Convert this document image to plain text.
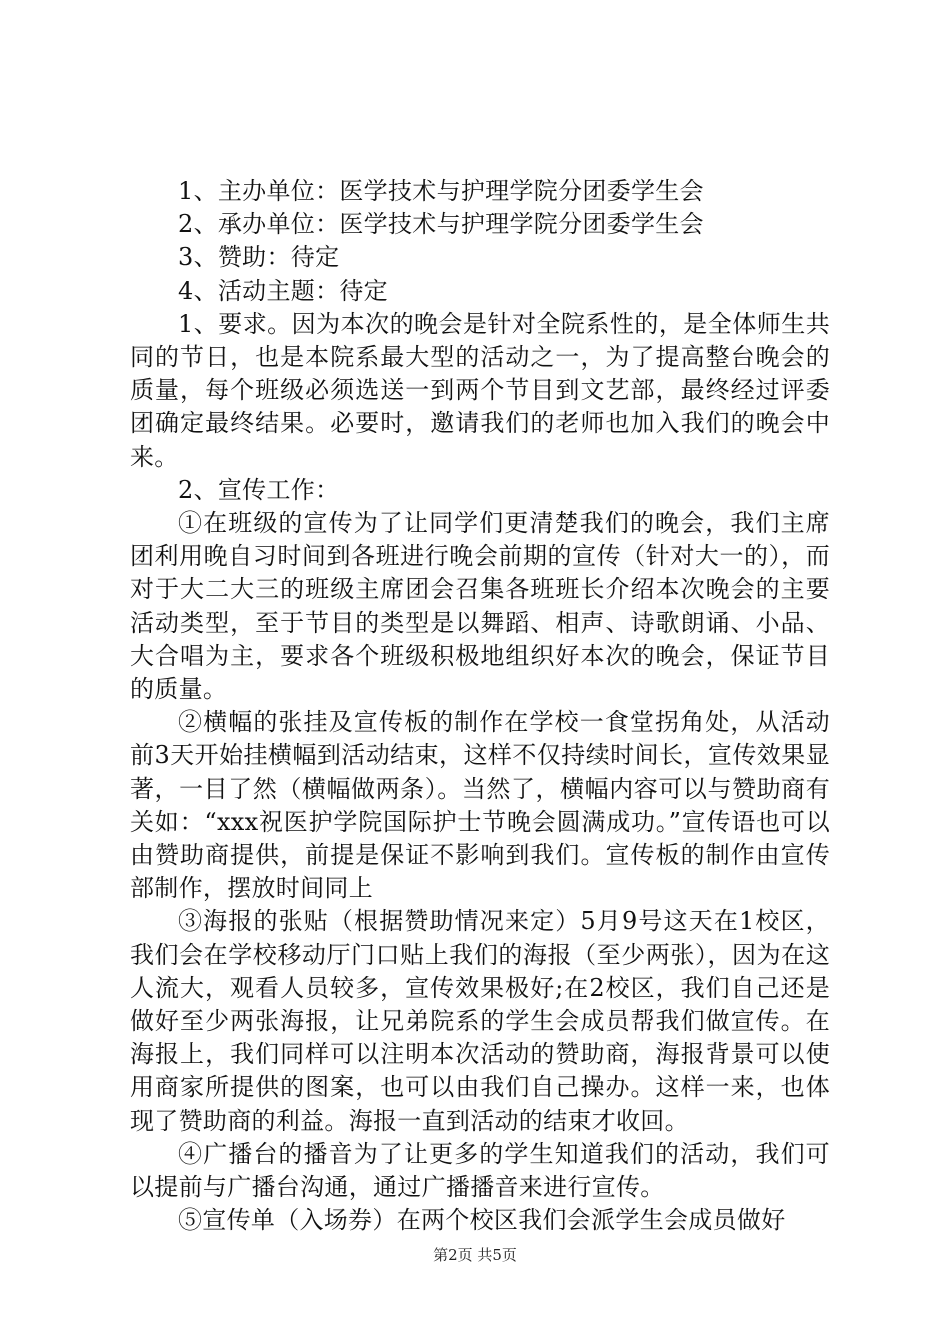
1、主办单位：医学技术与护理学院分团委学生会

2、承办单位：医学技术与护理学院分团委学生会

3、赞助：待定

4、活动主题：待定

1、要求。因为本次的晚会是针对全院系性的，是全体师生共同的节日，也是本院系最大型的活动之一，为了提高整台晚会的质量，每个班级必须选送一到两个节目到文艺部，最终经过评委团确定最终结果。必要时，邀请我们的老师也加入我们的晚会中来。

2、宣传工作：

①在班级的宣传为了让同学们更清楚我们的晚会，我们主席团利用晚自习时间到各班进行晚会前期的宣传（针对大一的），而对于大二大三的班级主席团会召集各班班长介绍本次晚会的主要活动类型，至于节目的类型是以舞蹈、相声、诗歌朗诵、小品、大合唱为主，要求各个班级积极地组织好本次的晚会，保证节目的质量。

②横幅的张挂及宣传板的制作在学校一食堂拐角处，从活动前3天开始挂横幅到活动结束，这样不仅持续时间长，宣传效果显著，一目了然（横幅做两条）。当然了，横幅内容可以与赞助商有关如：“xxx祝医护学院国际护士节晚会圆满成功。”宣传语也可以由赞助商提供，前提是保证不影响到我们。宣传板的制作由宣传部制作，摆放时间同上

③海报的张贴（根据赞助情况来定）5月9号这天在1校区，我们会在学校移动厅门口贴上我们的海报（至少两张），因为在这人流大，观看人员较多，宣传效果极好;在2校区，我们自己还是做好至少两张海报，让兄弟院系的学生会成员帮我们做宣传。在海报上，我们同样可以注明本次活动的赞助商，海报背景可以使用商家所提供的图案，也可以由我们自己操办。这样一来，也体现了赞助商的利益。海报一直到活动的结束才收回。

④广播台的播音为了让更多的学生知道我们的活动，我们可以提前与广播台沟通，通过广播播音来进行宣传。

⑤宣传单（入场券）在两个校区我们会派学生会成员做好

第2页 共5页
